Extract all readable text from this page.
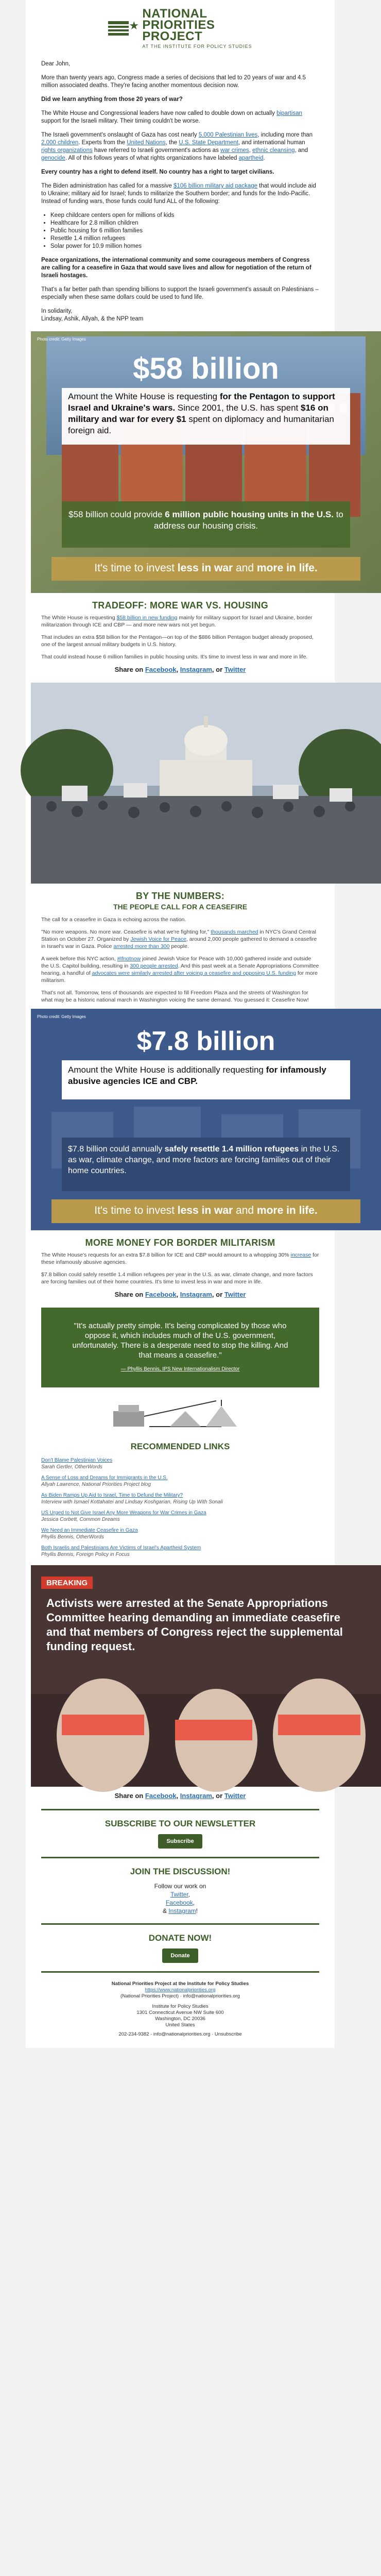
★
NATIONAL
PRIORITIES
PROJECT
AT THE INSTITUTE FOR POLICY STUDIES

Dear John,

More than twenty years ago, Congress made a series of decisions that led to 20 years of war and 4.5 million associated deaths. They're facing another momentous decision now.

Did we learn anything from those 20 years of war?

The White House and Congressional leaders have now called to double down on actually bipartisan support for the Israeli military. Their timing couldn't be worse.

The Israeli government's onslaught of Gaza has cost nearly 5,000 Palestinian lives, including more than 2,000 children. Experts from the United Nations, the U.S. State Department, and international human rights organizations have referred to Israeli government's actions as war crimes, ethnic cleansing, and genocide. All of this follows years of what rights organizations have labeled apartheid.

Every country has a right to defend itself. No country has a right to target civilians.

The Biden administration has called for a massive $106 billion military aid package that would include aid to Ukraine; military aid for Israel; funds to militarize the Southern border; and funds for the Indo-Pacific. Instead of funding wars, those funds could fund ALL of the following:

• Keep childcare centers open for millions of kids
• Healthcare for 2.8 million children
• Public housing for 6 million families
• Resettle 1.4 million refugees
• Solar power for 10.9 million homes

Peace organizations, the international community and some courageous members of Congress are calling for a ceasefire in Gaza that would save lives and allow for negotiation of the return of Israeli hostages.

That's a far better path than spending billions to support the Israeli government's assault on Palestinians – especially when these same dollars could be used to fund life.

In solidarity,
Lindsay, Ashik, Allyah, & the NPP team

$58 billion
Photo credit: Getty Images
Amount the White House is requesting for the Pentagon to support Israel and Ukraine's wars. Since 2001, the U.S. has spent $16 on military and war for every $1 spent on diplomacy and humanitarian foreign aid.
$58 billion could provide 6 million public housing units in the U.S. to address our housing crisis.
It's time to invest less in war and more in life.
TRADEOFF: MORE WAR VS. HOUSING

The White House is requesting $58 billion in new funding mainly for military support for Israel and Ukraine, border militarization through ICE and CBP — and more new wars not yet begun.

That includes an extra $58 billion for the Pentagon—on top of the $886 billion Pentagon budget already proposed, one of the largest annual military budgets in U.S. history.

That could instead house 6 million families in public housing units. It's time to invest less in war and more in life.

Share on Facebook, Instagram, or Twitter
BY THE NUMBERS:
THE PEOPLE CALL FOR A CEASEFIRE

The call for a ceasefire in Gaza is echoing across the nation.

"No more weapons. No more war. Ceasefire is what we're fighting for," thousands marched in NYC's Grand Central Station on October 27. Organized by Jewish Voice for Peace, around 2,000 people gathered to demand a ceasefire in Israel's war in Gaza. Police arrested more than 300 people.

A week before this NYC action, #Ifnotnow joined Jewish Voice for Peace with 10,000 gathered inside and outside the U.S. Capitol building, resulting in 300 people arrested. And this past week at a Senate Appropriations Committee hearing, a handful of advocates were similarly arrested after voicing a ceasefire and opposing U.S. funding for more militarism.

That's not all. Tomorrow, tens of thousands are expected to fill Freedom Plaza and the streets of Washington for what may be a historic national march in Washington voicing the same demand. You guessed it: Ceasefire Now!

$7.8 billion
Photo credit: Getty Images
Amount the White House is additionally requesting for infamously abusive agencies ICE and CBP.
$7.8 billion could annually safely resettle 1.4 million refugees in the U.S. as war, climate change, and more factors are forcing families out of their home countries.
It's time to invest less in war and more in life.
MORE MONEY FOR BORDER MILITARISM

The White House's requests for an extra $7.8 billion for ICE and CBP would amount to a whopping 30% increase for these infamously abusive agencies.

$7.8 billion could safely resettle 1.4 million refugees per year in the U.S. as war, climate change, and more factors are forcing families out of their home countries. It's time to invest less in war and more in life.

Share on Facebook, Instagram, or Twitter
"It's actually pretty simple. It's being complicated by those who oppose it, which includes much of the U.S. government, unfortunately. There is a desperate need to stop the killing. And that means a ceasefire."
— Phyllis Bennis, IPS New Internationalism Director
RECOMMENDED LINKS
Don't Blame Palestinian Voices
Sarah Gertler, OtherWords
A Sense of Loss and Dreams for Immigrants in the U.S.
Allyah Lawrence, National Priorities Project blog
As Biden Ramps Up Aid to Israel, Time to Defund the Military?
Interview with Ismael Kottahatei and Lindsay Koshgarian, Rising Up With Sonali
US Urged to Not Give Israel Any More Weapons for War Crimes in Gaza
Jessica Corbett, Common Dreams
We Need an Immediate Ceasefire in Gaza
Phyllis Bennis, OtherWords
Both Israelis and Palestinians Are Victims of Israel's Apartheid System
Phyllis Bennis, Foreign Policy in Focus
BREAKING
Activists were arrested at the Senate Appropriations Committee hearing demanding an immediate ceasefire and that members of Congress reject the supplemental funding request.
Share on Facebook, Instagram, or Twitter
SUBSCRIBE TO OUR NEWSLETTER
Subscribe
JOIN THE DISCUSSION!
Follow our work on
Twitter,
Facebook,
& Instagram!
DONATE NOW!
Donate
National Priorities Project at the Institute for Policy Studies
https://www.nationalpriorities.org
(National Priorities Project) · info@nationalpriorities.org
Institute for Policy Studies
1301 Connecticut Avenue NW Suite 600
Washington, DC 20036
United States
202-234-9382 · info@nationalpriorities.org · Unsubscribe
